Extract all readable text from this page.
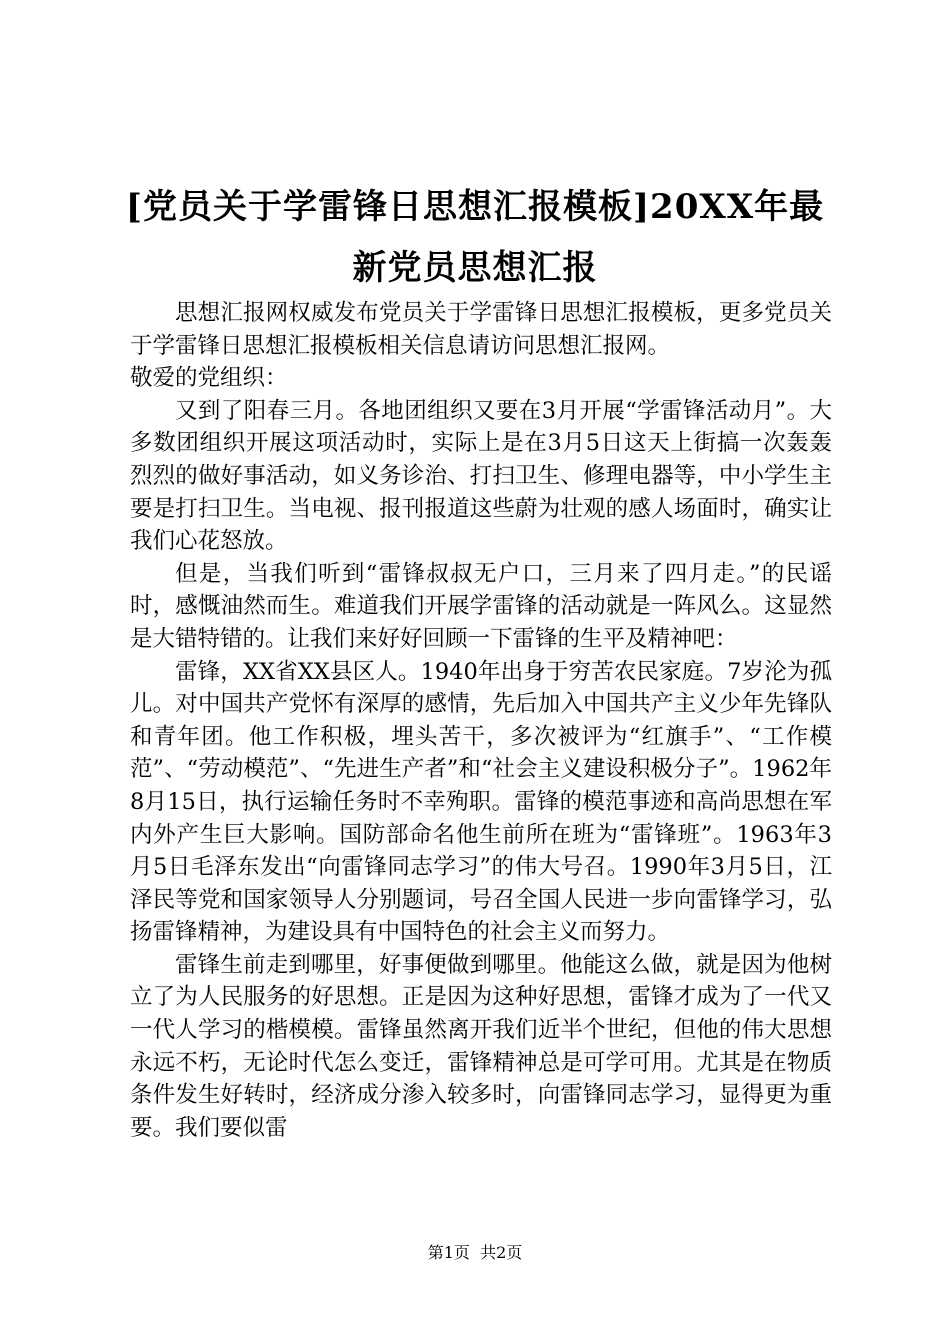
[党员关于学雷锋日思想汇报模板]20XX年最
新党员思想汇报

思想汇报网权威发布党员关于学雷锋日思想汇报模板，更多党员关于学雷锋日思想汇报模板相关信息请访问思想汇报网。

敬爱的党组织：

又到了阳春三月。各地团组织又要在3月开展“学雷锋活动月”。大多数团组织开展这项活动时，实际上是在3月5日这天上街搞一次轰轰烈烈的做好事活动，如义务诊治、打扫卫生、修理电器等，中小学生主要是打扫卫生。当电视、报刊报道这些蔚为壮观的感人场面时，确实让我们心花怒放。

但是，当我们听到“雷锋叔叔无户口，三月来了四月走。”的民谣时，感慨油然而生。难道我们开展学雷锋的活动就是一阵风么。这显然是大错特错的。让我们来好好回顾一下雷锋的生平及精神吧：

雷锋，XX省XX县区人。1940年出身于穷苦农民家庭。7岁沦为孤儿。对中国共产党怀有深厚的感情，先后加入中国共产主义少年先锋队和青年团。他工作积极，埋头苦干，多次被评为“红旗手”、“工作模范”、“劳动模范”、“先进生产者”和“社会主义建设积极分子”。1962年8月15日，执行运输任务时不幸殉职。雷锋的模范事迹和高尚思想在军内外产生巨大影响。国防部命名他生前所在班为“雷锋班”。1963年3月5日毛泽东发出“向雷锋同志学习”的伟大号召。1990年3月5日，江泽民等党和国家领导人分别题词，号召全国人民进一步向雷锋学习，弘扬雷锋精神，为建设具有中国特色的社会主义而努力。

雷锋生前走到哪里，好事便做到哪里。他能这么做，就是因为他树立了为人民服务的好思想。正是因为这种好思想，雷锋才成为了一代又一代人学习的楷模模。雷锋虽然离开我们近半个世纪，但他的伟大思想永远不朽，无论时代怎么变迁，雷锋精神总是可学可用。尤其是在物质条件发生好转时，经济成分渗入较多时，向雷锋同志学习，显得更为重要。我们要似雷

第1页 共2页
